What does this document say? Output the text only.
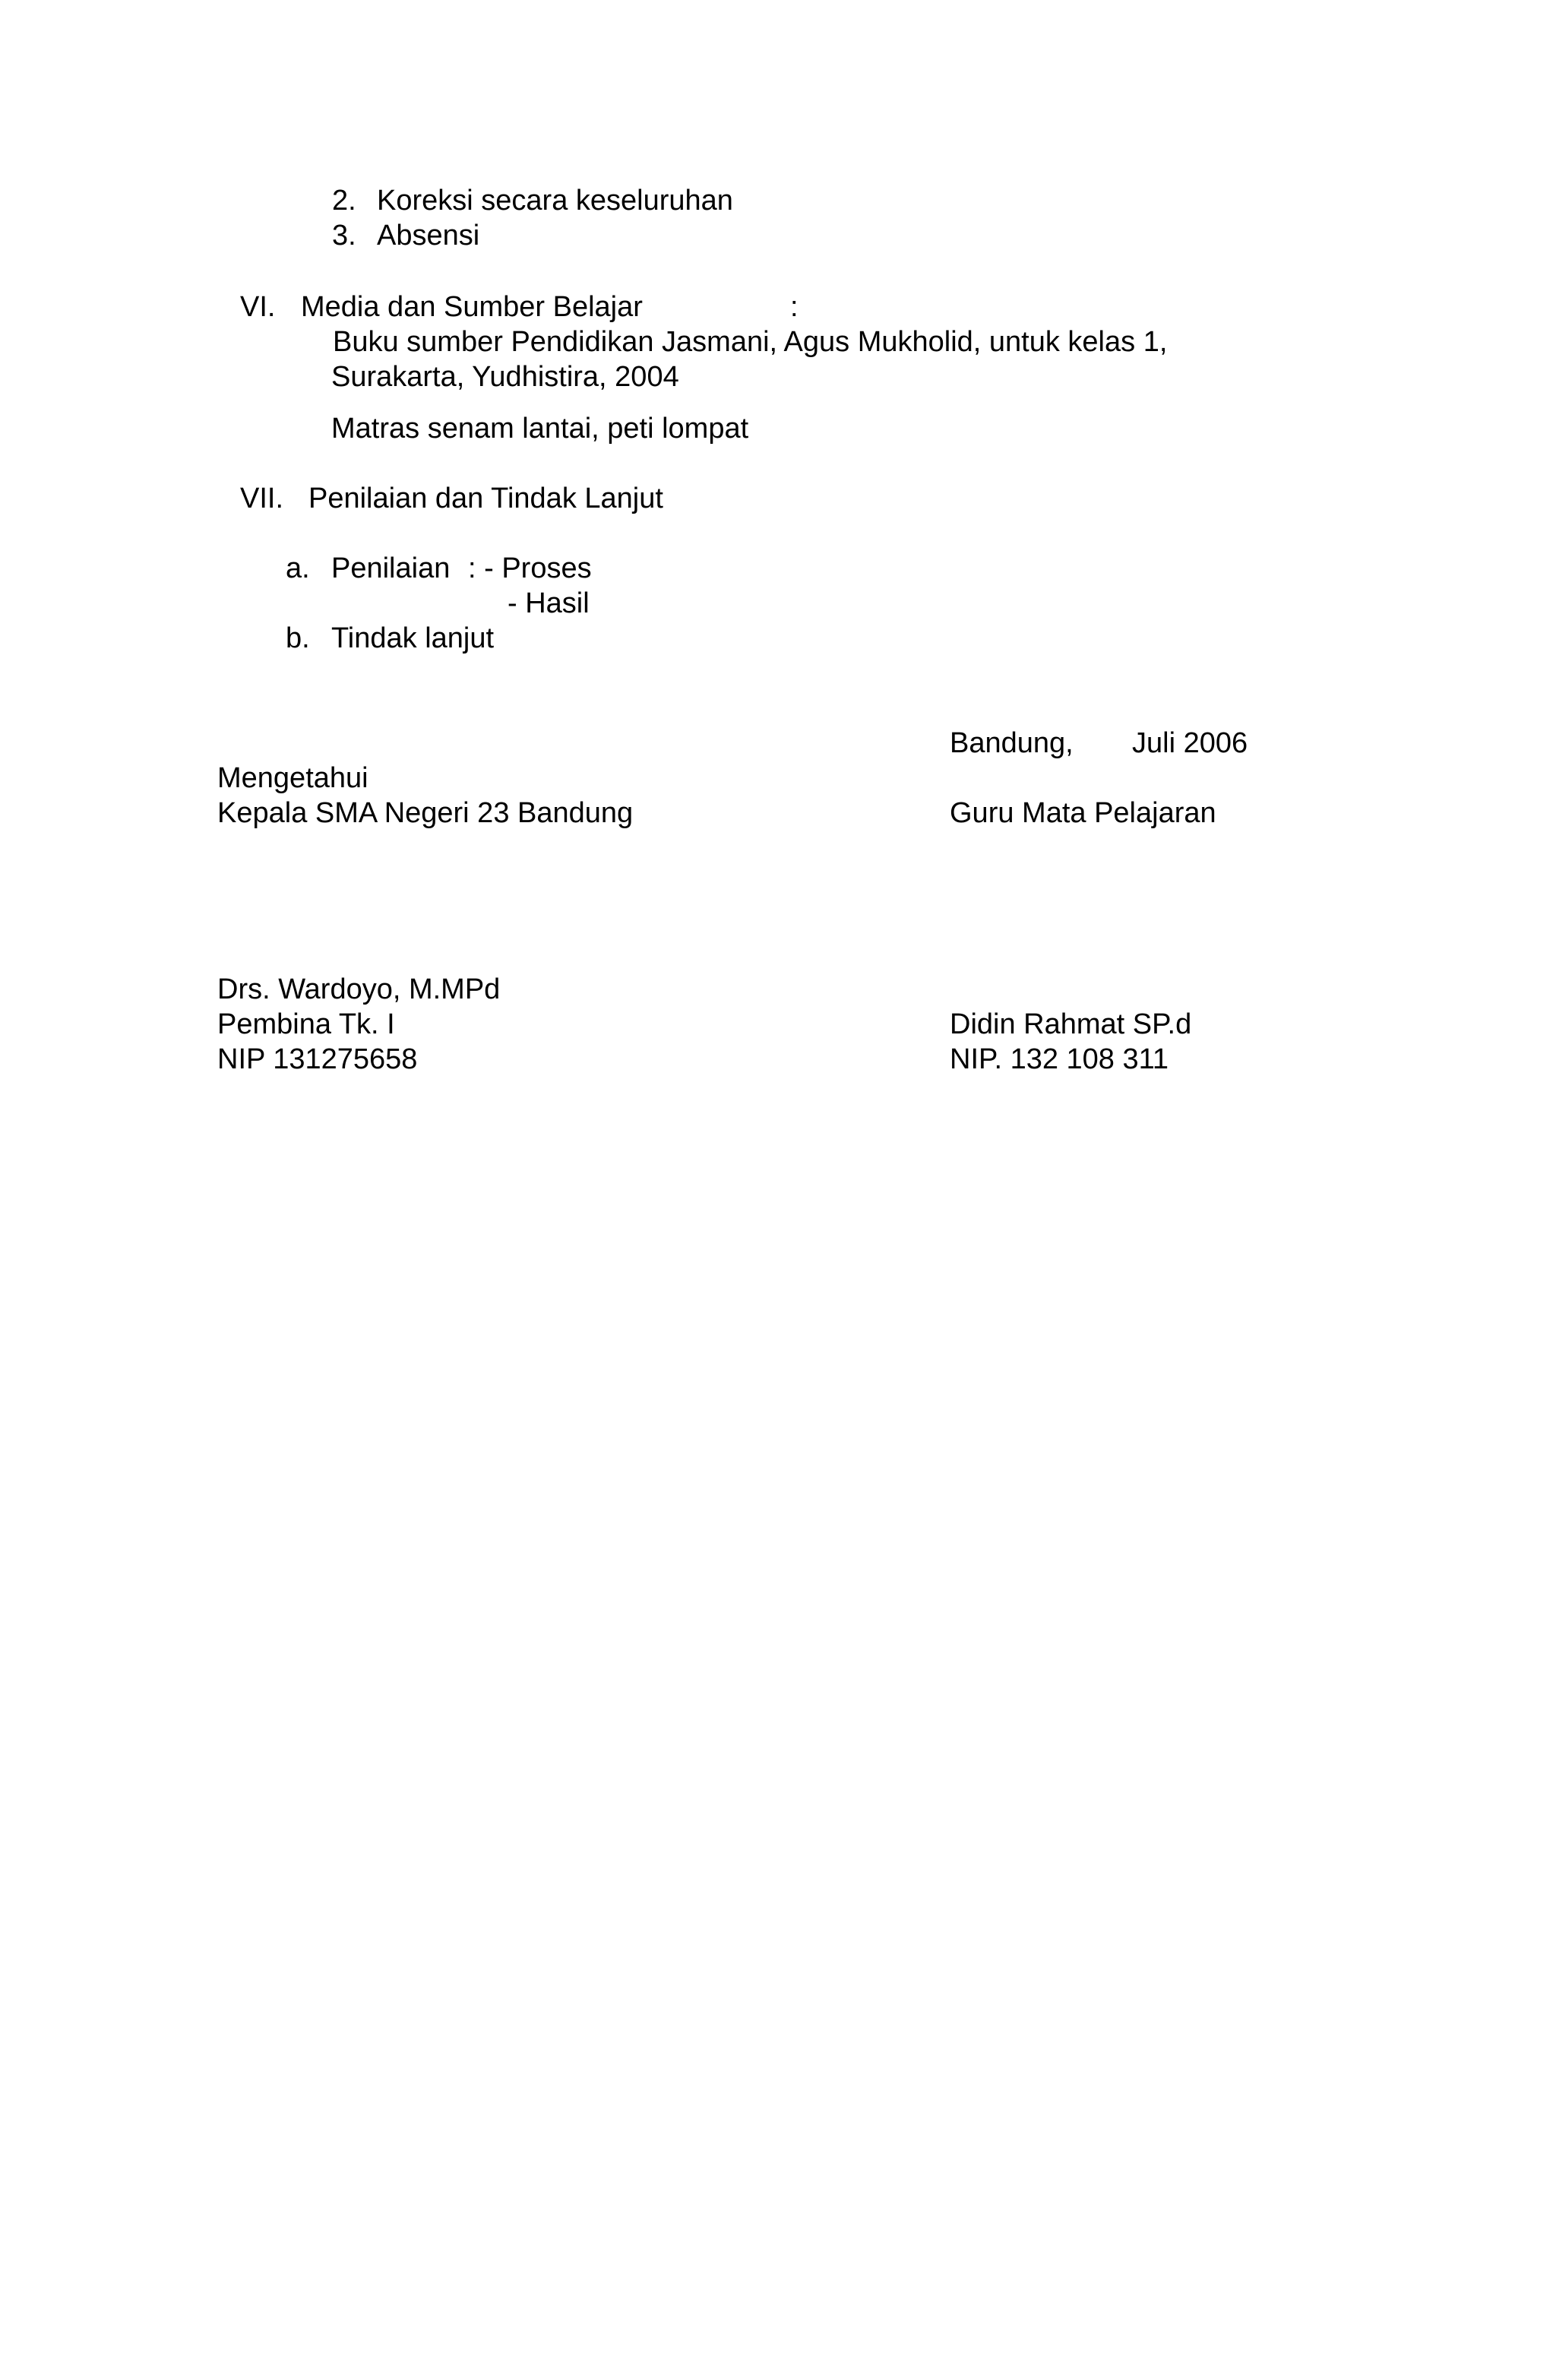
2. Koreksi secara keseluruhan
3. Absensi
VI. Media dan Sumber Belajar	:
Buku sumber Pendidikan Jasmani, Agus Mukholid, untuk kelas 1,
Surakarta, Yudhistira, 2004
Matras senam lantai, peti lompat
VII. Penilaian dan Tindak Lanjut
a. Penilaian : - Proses
- Hasil
b. Tindak lanjut
Bandung, Juli 2006
Mengetahui
Kepala SMA Negeri 23 Bandung	Guru Mata Pelajaran
Drs. Wardoyo, M.MPd
Pembina Tk. I	Didin Rahmat SP.d
NIP 131275658	NIP. 132 108 311
